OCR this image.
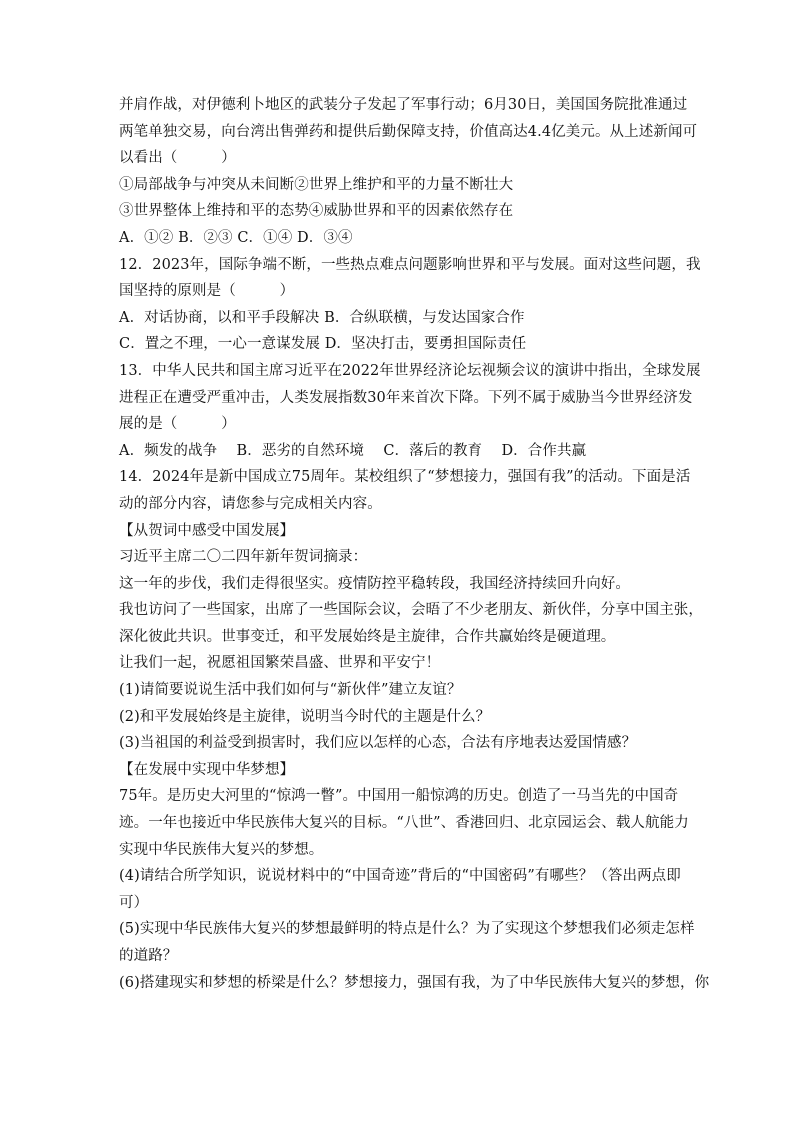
并肩作战，对伊德利卜地区的武装分子发起了军事行动；6月30日，美国国务院批准通过
两笔单独交易，向台湾出售弹药和提供后勤保障支持，价值高达4.4亿美元。从上述新闻可
以看出（　　　）
①局部战争与冲突从未间断②世界上维护和平的力量不断壮大
③世界整体上维持和平的态势④威胁世界和平的因素依然存在
A．①② B．②③ C．①④ D．③④
12．2023年，国际争端不断，一些热点难点问题影响世界和平与发展。面对这些问题，我
国坚持的原则是（　　　）
A．对话协商，以和平手段解决 B．合纵联横，与发达国家合作
C．置之不理，一心一意谋发展 D．坚决打击，要勇担国际责任
13．中华人民共和国主席习近平在2022年世界经济论坛视频会议的演讲中指出，全球发展
进程正在遭受严重冲击，人类发展指数30年来首次下降。下列不属于威胁当今世界经济发
展的是（　　　）
A．频发的战争　 B．恶劣的自然环境　 C．落后的教育　 D．合作共赢
14．2024年是新中国成立75周年。某校组织了“梦想接力，强国有我”的活动。下面是活
动的部分内容，请您参与完成相关内容。
【从贺词中感受中国发展】
习近平主席二〇二四年新年贺词摘录：
这一年的步伐，我们走得很坚实。疫情防控平稳转段，我国经济持续回升向好。
我也访问了一些国家，出席了一些国际会议，会晤了不少老朋友、新伙伴，分享中国主张，
深化彼此共识。世事变迁，和平发展始终是主旋律，合作共赢始终是硬道理。
让我们一起，祝愿祖国繁荣昌盛、世界和平安宁！
(1)请简要说说生活中我们如何与“新伙伴”建立友谊？
(2)和平发展始终是主旋律，说明当今时代的主题是什么？
(3)当祖国的利益受到损害时，我们应以怎样的心态，合法有序地表达爱国情感？
【在发展中实现中华梦想】
75年。是历史大河里的“惊鸿一瞥”。中国用一船惊鸿的历史。创造了一马当先的中国奇
迹。一年也接近中华民族伟大复兴的目标。“八世”、香港回归、北京园运会、载人航能力
实现中华民族伟大复兴的梦想。
(4)请结合所学知识，说说材料中的“中国奇迹”背后的“中国密码”有哪些？（答出两点即
可）
(5)实现中华民族伟大复兴的梦想最鲜明的特点是什么？为了实现这个梦想我们必须走怎样
的道路？
(6)搭建现实和梦想的桥梁是什么？梦想接力，强国有我，为了中华民族伟大复兴的梦想，你
